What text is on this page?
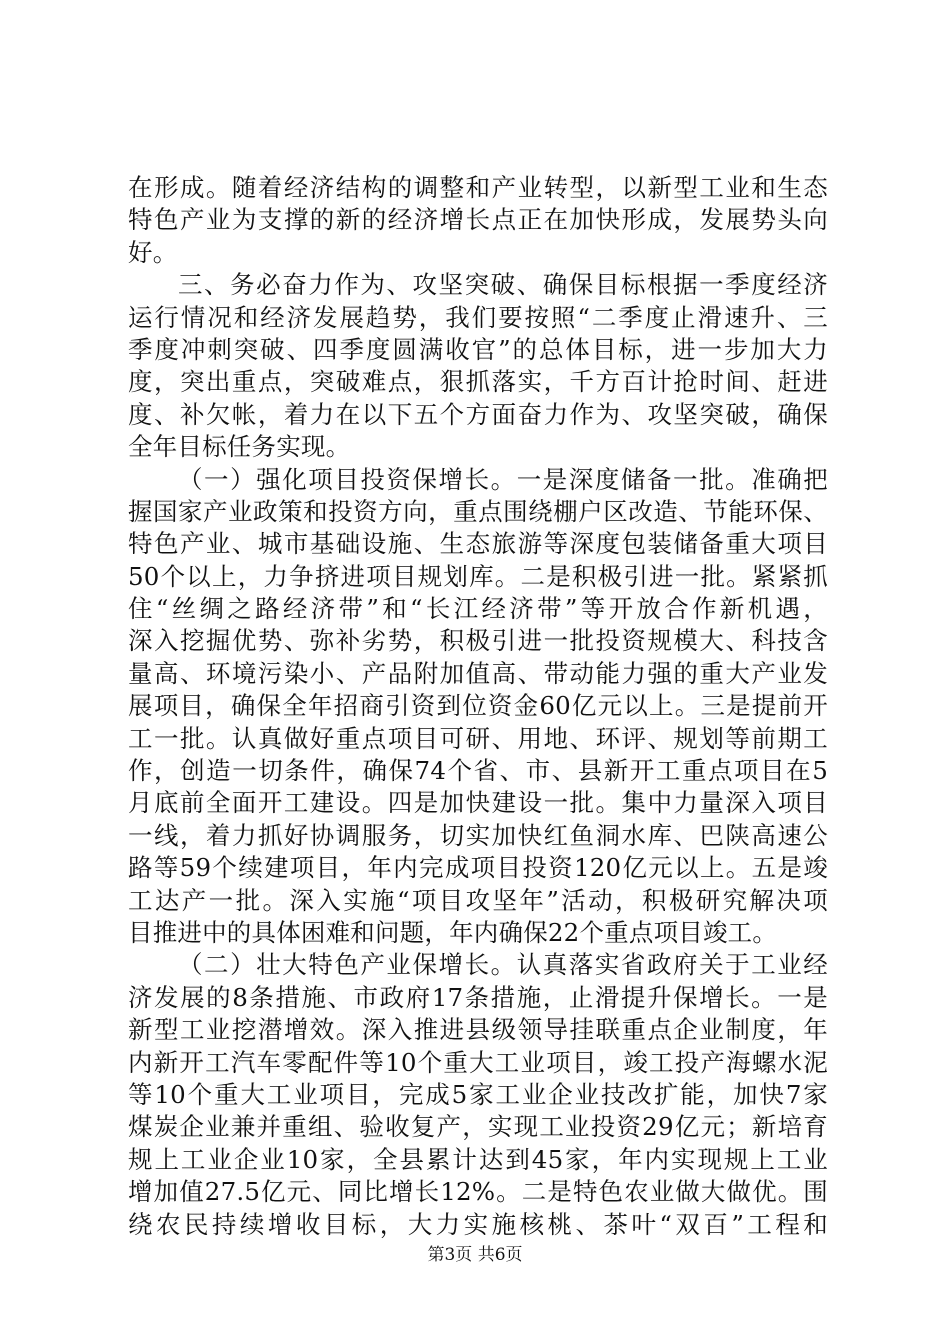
在形成。随着经济结构的调整和产业转型，以新型工业和生态
特色产业为支撑的新的经济增长点正在加快形成，发展势头向
好。
三、务必奋力作为、攻坚突破、确保目标根据一季度经济
运行情况和经济发展趋势，我们要按照“二季度止滑速升、三
季度冲刺突破、四季度圆满收官”的总体目标，进一步加大力
度，突出重点，突破难点，狠抓落实，千方百计抢时间、赶进
度、补欠帐，着力在以下五个方面奋力作为、攻坚突破，确保
全年目标任务实现。
（一）强化项目投资保增长。一是深度储备一批。准确把
握国家产业政策和投资方向，重点围绕棚户区改造、节能环保、
特色产业、城市基础设施、生态旅游等深度包装储备重大项目
50个以上，力争挤进项目规划库。二是积极引进一批。紧紧抓
住“丝绸之路经济带”和“长江经济带”等开放合作新机遇，
深入挖掘优势、弥补劣势，积极引进一批投资规模大、科技含
量高、环境污染小、产品附加值高、带动能力强的重大产业发
展项目，确保全年招商引资到位资金60亿元以上。三是提前开
工一批。认真做好重点项目可研、用地、环评、规划等前期工
作，创造一切条件，确保74个省、市、县新开工重点项目在5
月底前全面开工建设。四是加快建设一批。集中力量深入项目
一线，着力抓好协调服务，切实加快红鱼洞水库、巴陕高速公
路等59个续建项目，年内完成项目投资120亿元以上。五是竣
工达产一批。深入实施“项目攻坚年”活动，积极研究解决项
目推进中的具体困难和问题，年内确保22个重点项目竣工。
（二）壮大特色产业保增长。认真落实省政府关于工业经
济发展的8条措施、市政府17条措施，止滑提升保增长。一是
新型工业挖潜增效。深入推进县级领导挂联重点企业制度，年
内新开工汽车零配件等10个重大工业项目，竣工投产海螺水泥
等10个重大工业项目，完成5家工业企业技改扩能，加快7家
煤炭企业兼并重组、验收复产，实现工业投资29亿元；新培育
规上工业企业10家，全县累计达到45家，年内实现规上工业
增加值27.5亿元、同比增长12%。二是特色农业做大做优。围
绕农民持续增收目标，大力实施核桃、茶叶“双百”工程和
第3页 共6页
